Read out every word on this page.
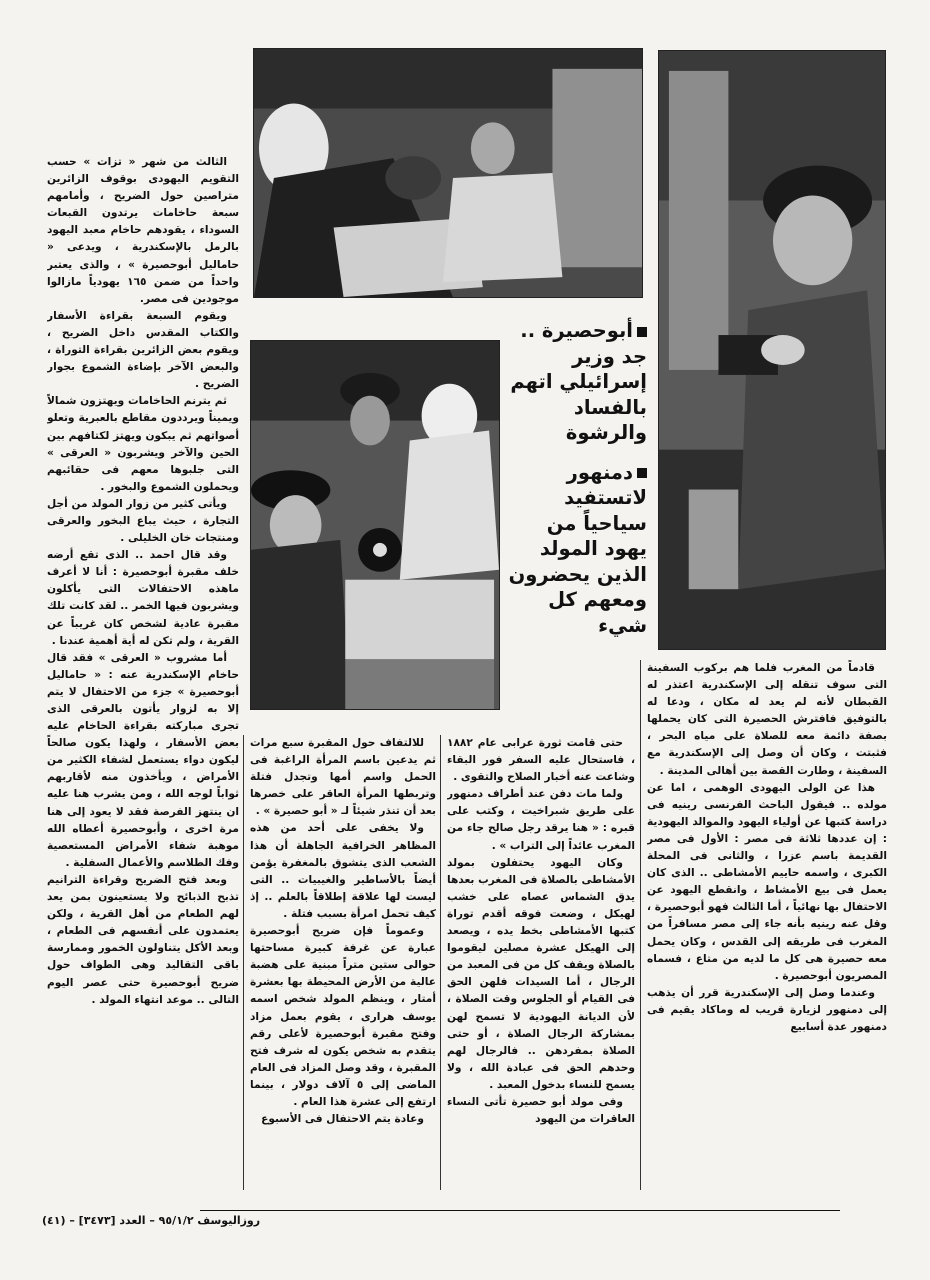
أبوحصيرة .. جد وزير إسرائيلي اتهم بالفساد والرشوة
دمنهور لاتستفيد سياحياً من يهود المولد الذين يحضرون ومعهم كل شيء

الثالث من شهر « تزات » حسب التقويم اليهودى بوقوف الزائرين متراصين حول الضريح ، وأمامهم سبعة حاخامات يرتدون القبعات السوداء ، يقودهم حاخام معبد اليهود بالرمل بالإسكندرية ، ويدعى « حاماليل أبوحصيرة » ، والذى يعتبر واحداً من ضمن ١٦٥ يهودياً مازالوا موجودين فى مصر.

ويقوم السبعة بقراءة الأسفار والكتاب المقدس داخل الضريح ، ويقوم بعض الزائرين بقراءة التوراة ، والبعض الآخر بإضاءة الشموع بجوار الضريح .

ثم يترنم الحاخامات ويهتزون شمالاً ويميناً ويرددون مقاطع بالعبرية وتعلو أصواتهم ثم يبكون ويهتز لكتافهم بين الحين والآخر ويشربون « العرقى » التى جلبوها معهم فى حقائبهم ويحملون الشموع والبخور .

ويأتى كثير من زوار المولد من أجل التجارة ، حيث يباع البخور والعرقى ومنتجات خان الخليلى .

وقد قال احمد .. الذى تقع أرضه خلف مقبرة أبوحصيرة : أنا لا أعرف ماهذه الاحتفالات التى يأكلون ويشربون فيها الخمر .. لقد كانت تلك مقبرة عادية لشخص كان غريباً عن القرية ، ولم تكن له أية أهمية عندنا .

أما مشروب « العرقى » فقد قال حاخام الإسكندرية عنه : « حاماليل أبوحصيرة » جزء من الاحتفال لا يتم إلا به لزوار يأتون بالعرقى الذى تجرى مباركته بقراءة الحاخام عليه بعض الأسفار ، ولهذا يكون صالحاً ليكون دواء يستعمل لشفاء الكثير من الأمراض ، ويأخذون منه لأقاربهم ثواباً لوجه الله ، ومن يشرب هنا عليه ان ينتهز الفرصة فقد لا يعود إلى هنا مرة اخرى ، وأبوحصيرة أعطاه الله موهبة شفاء الأمراض المستعصية وفك الطلاسم والأعمال السفلية .

وبعد فتح الضريح وقراءة الترانيم تذبح الذبائح ولا يستعينون بمن يعد لهم الطعام من أهل القرية ، ولكن يعتمدون على أنفسهم فى الطعام ، وبعد الأكل يتناولون الخمور وممارسة باقى التقاليد وهى الطواف حول ضريح أبوحصيرة حتى عصر اليوم التالى .. موعد انتهاء المولد .

للالتفاف حول المقبرة سبع مرات ثم يدعين باسم المرأة الراغبة فى الحمل واسم أمها وتجدل فتلة وتربطها المرأة العاقر على خصرها بعد أن تنذر شيئاً لـ « أبو حصيرة » .

ولا يخفى على أحد من هذه المظاهر الخرافية الجاهلة أن هذا الشعب الذى يتشوق بالمغفرة يؤمن أيضاً بالأساطير والغيبيات .. التى ليست لها علاقة إطلاقاً بالعلم .. إذ كيف تحمل امرأة بسبب فتلة .

وعموماً فإن ضريح أبوحصيرة عبارة عن غرفة كبيرة مساحتها حوالى ستين متراً مبنية على هضبة عالية من الأرض المحيطة بها بعشرة أمتار ، وينظم المولد شخص اسمه يوسف هرارى ، يقوم بعمل مزاد وفتح مقبرة أبوحصيرة لأعلى رقم يتقدم به شخص يكون له شرف فتح المقبرة ، وقد وصل المزاد فى العام الماضى إلى ٥ آلاف دولار ، بينما ارتفع إلى عشرة هذا العام .

وعادة يتم الاحتفال فى الأسبوع

حتى قامت ثورة عرابى عام ١٨٨٢ ، فاستحال عليه السفر فور البقاء وشاعت عنه أخبار الصلاح والتقوى .

ولما مات دفن عند أطراف دمنهور على طريق شبراخيت ، وكتب على قبره : « هنا يرقد رجل صالح جاء من المغرب عائداً إلى التراب » .

وكان اليهود يحتفلون بمولد الأمشاطى بالصلاة فى المغرب بعدها يدق الشماس عصاه على خشب لهيكل ، وضعت فوقه أقدم توراة كتبها الأمشاطى بخط يده ، ويصعد إلى الهيكل عشرة مصلين ليقوموا بالصلاة ويقف كل من فى المعبد من الرجال ، أما السيدات فلهن الحق فى القيام أو الجلوس وقت الصلاة ، لأن الديانة اليهودية لا تسمح لهن بمشاركة الرجال الصلاة ، أو حتى الصلاة بمفردهن .. فالرجال لهم وحدهم الحق فى عبادة الله ، ولا يسمح للنساء بدخول المعبد .

وفى مولد أبو حصيرة تأتى النساء العاقرات من اليهود

قادماً من المغرب فلما هم بركوب السفينة التى سوف تنقله إلى الإسكندرية اعتذر له القبطان لأنه لم يعد له مكان ، ودعا له بالتوفيق فافترش الحصيرة التى كان يحملها بصفة دائمة معه للصلاة على مياه البحر ، فثبتت ، وكان أن وصل إلى الإسكندرية مع السفينة ، وطارت القصة بين أهالى المدينة .

هذا عن الولى اليهودى الوهمى ، اما عن مولده .. فيقول الباحث الفرنسى رينيه فى دراسة كتبها عن أولياء اليهود والموالد اليهودية : إن عددها ثلاثة فى مصر : الأول فى مصر القديمة باسم عزرا ، والثانى فى المحلة الكبرى ، واسمه حاييم الأمشاطى .. الذى كان يعمل فى بيع الأمشاط ، وانقطع اليهود عن الاحتفال بها نهائياً ، أما الثالث فهو أبوحصيرة ، وقل عنه رينيه بأنه جاء إلى مصر مسافراً من المغرب فى طريقه إلى القدس ، وكان يحمل معه حصيرة هى كل ما لديه من متاع ، فسماه المصريون أبوحصيرة .

وعندما وصل إلى الإسكندرية قرر أن يذهب إلى دمنهور لزيارة قريب له وماكاد يقيم فى دمنهور عدة أسابيع

روزاليوسف ٩٥/١/٢ – العدد [٣٤٧٣] – (٤١)
